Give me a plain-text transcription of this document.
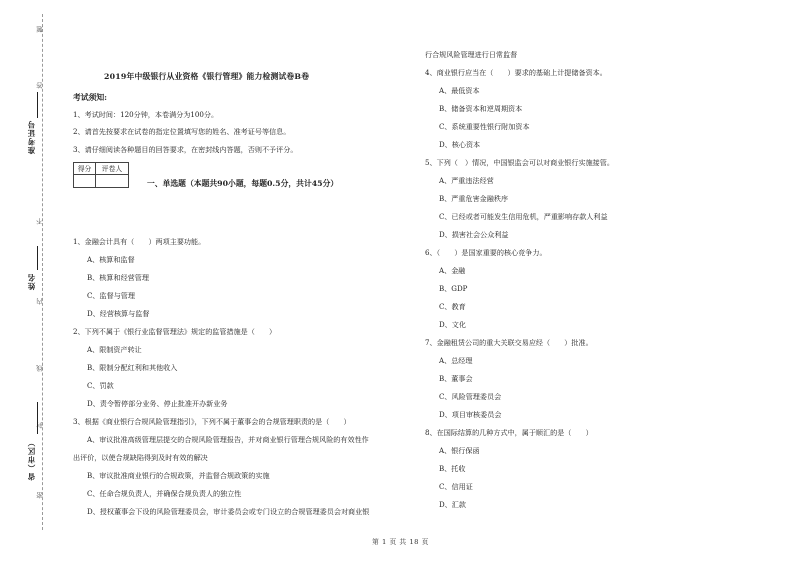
题
答
不
内
线
封
密
准考证号
姓名
省（市区）
2019年中级银行从业资格《银行管理》能力检测试卷B卷
考试须知:
1、考试时间：120分钟，本卷满分为100分。
2、请首先按要求在试卷的指定位置填写您的姓名、准考证号等信息。
3、请仔细阅读各种题目的回答要求，在密封线内答题，否则不予评分。
得分	评卷人
一、单选题（本题共90小题，每题0.5分，共计45分）
1、金融会计具有（　　）两项主要功能。
A、核算和监督
B、核算和经营管理
C、监督与管理
D、经营核算与监督
2、下列不属于《银行业监督管理法》规定的监管措施是（　　）
A、限制资产转让
B、限制分配红利和其他收入
C、罚款
D、责令暂停部分业务、停止批准开办新业务
3、根据《商业银行合规风险管理指引》，下列不属于董事会的合规管理职责的是（　　）
A、审议批准高级管理层提交的合规风险管理报告，并对商业银行管理合规风险的有效性作
出评价，以使合规缺陷得到及时有效的解决
B、审议批准商业银行的合规政策，并监督合规政策的实施
C、任命合规负责人，并确保合规负责人的独立性
D、授权董事会下设的风险管理委员会，审计委员会或专门设立的合规管理委员会对商业银
行合规风险管理进行日常监督
4、商业银行应当在（　　）要求的基础上计提储备资本。
A、最低资本
B、储备资本和逆周期资本
C、系统重要性银行附加资本
D、核心资本
5、下列（　）情况，中国银监会可以对商业银行实施接管。
A、严重违法经营
B、严重危害金融秩序
C、已经或者可能发生信用危机，严重影响存款人利益
D、损害社会公众利益
6、（　　）是国家重要的核心竞争力。
A、金融
B、GDP
C、教育
D、文化
7、金融租赁公司的重大关联交易应经（　　）批准。
A、总经理
B、董事会
C、风险管理委员会
D、项目审核委员会
8、在国际结算的几种方式中，属于顺汇的是（　　）
A、银行保函
B、托收
C、信用证
D、汇款
第 1 页 共 18 页
